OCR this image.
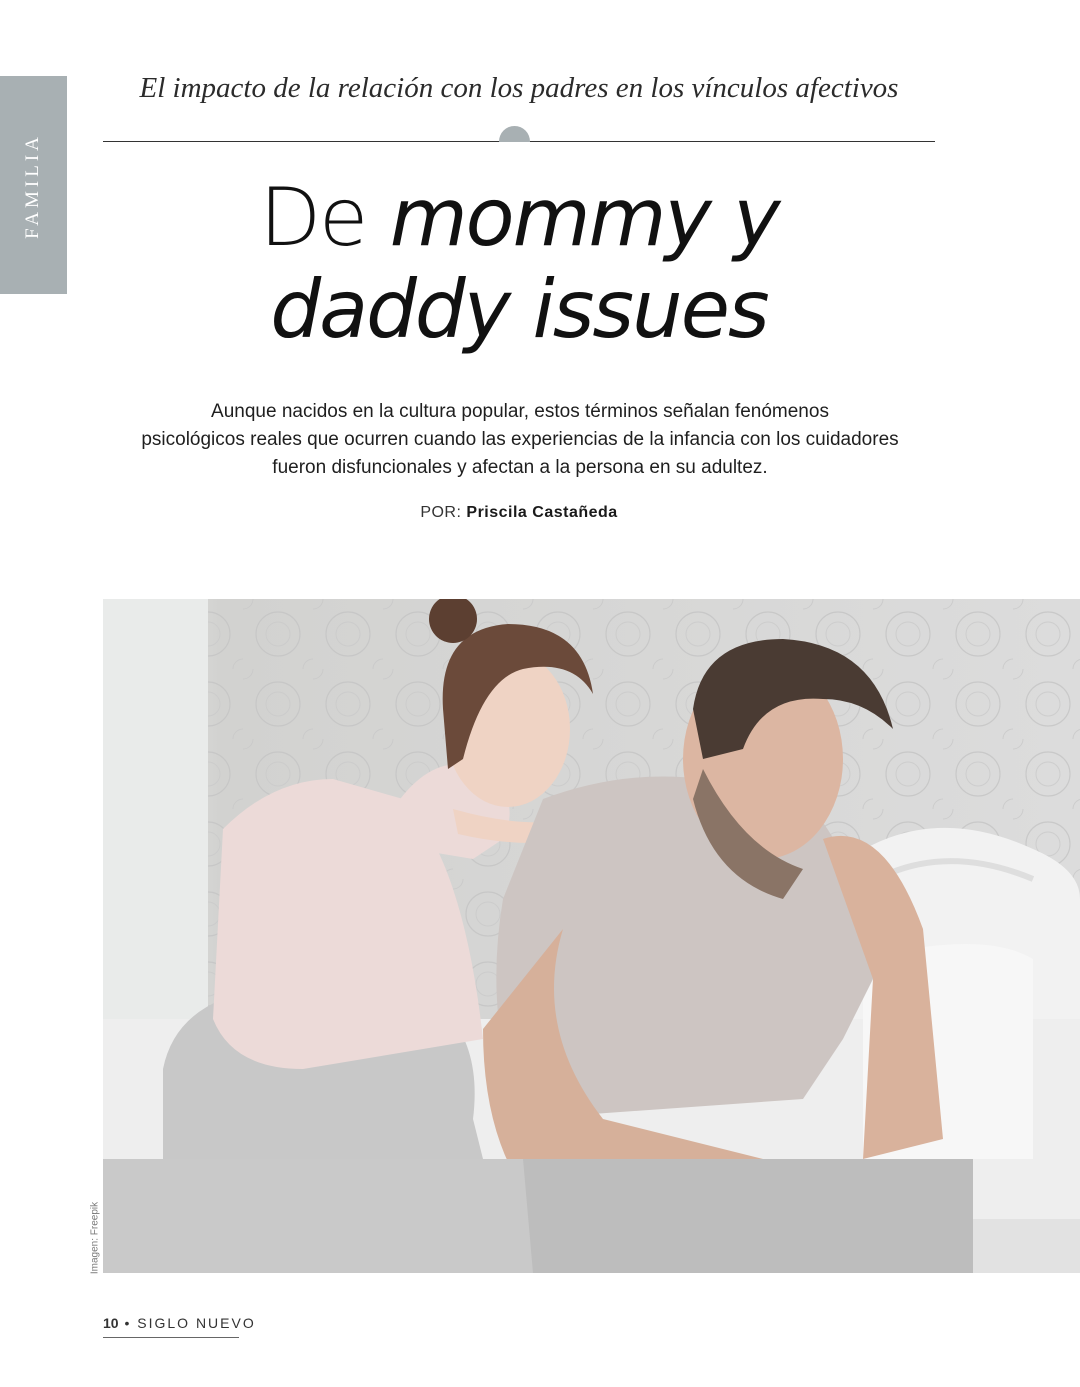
FAMILIA
El impacto de la relación con los padres en los vínculos afectivos
De mommy y
daddy issues
Aunque nacidos en la cultura popular, estos términos señalan fenómenos
psicológicos reales que ocurren cuando las experiencias de la infancia con los cuidadores
fueron disfuncionales y afectan a la persona en su adultez.
POR: Priscila Castañeda
Imagen: Freepik
10 • SIGLO NUEVO
